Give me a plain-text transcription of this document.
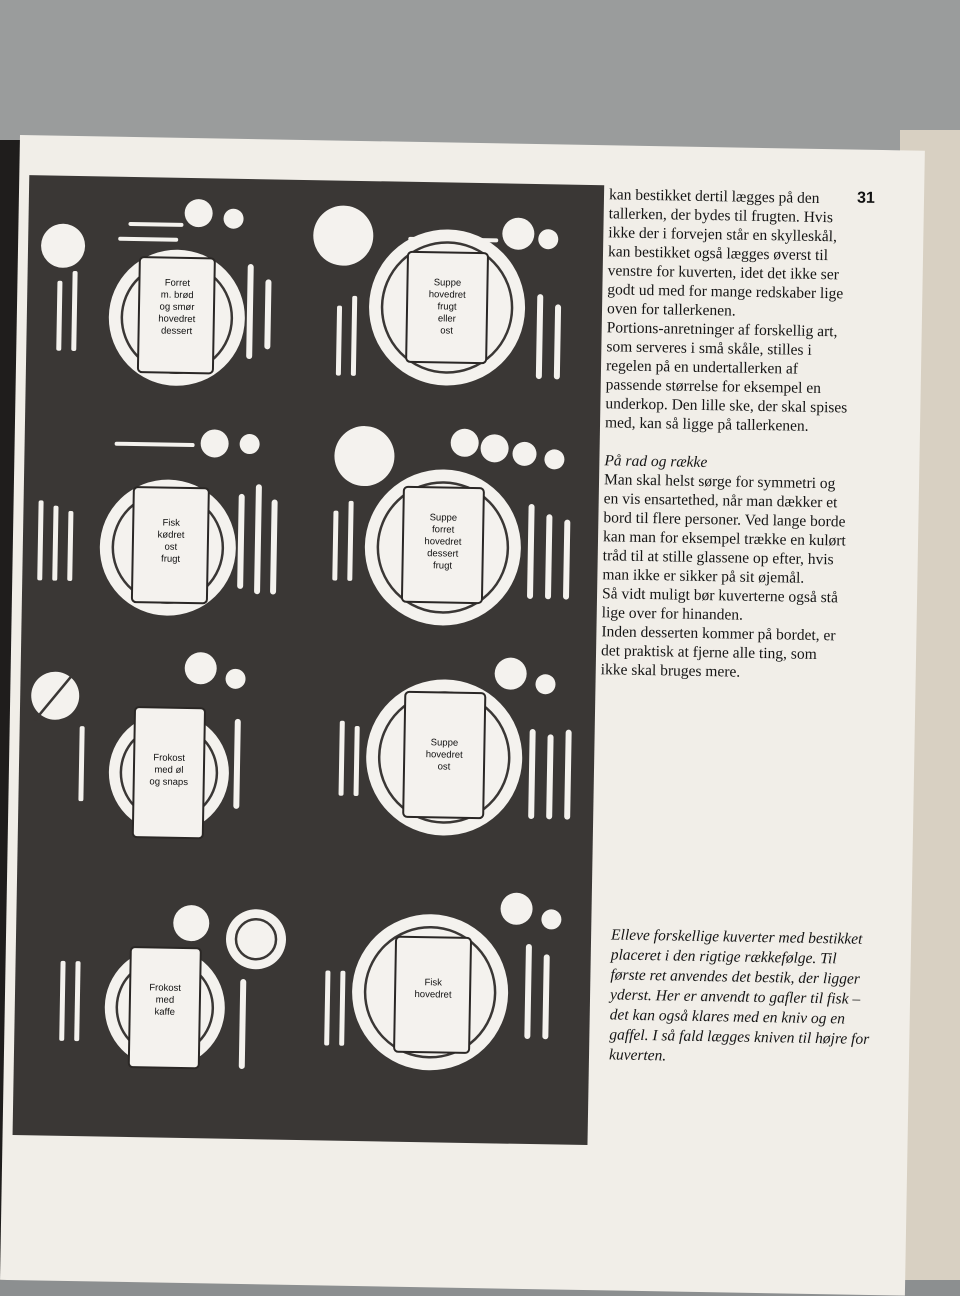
Forret
m. brød
og smør
hovedret
dessert
Suppe
hovedret
frugt
eller
ost
Fisk
kødret
ost
frugt
Suppe
forret
hovedret
dessert
frugt
Frokost
med øl
og snaps
Suppe
hovedret
ost
Frokost
med
kaffe
Fisk
hovedret
31

kan bestikket dertil lægges på den tallerken, der bydes til frugten. Hvis ikke der i forvejen står en skylleskål, kan bestikket også lægges øverst til venstre for kuverten, idet det ikke ser godt ud med for mange redskaber lige oven for tallerkenen.

Portions-anretninger af forskellig art, som serveres i små skåle, stilles i regelen på en undertallerken af passende størrelse for eksempel en underkop. Den lille ske, der skal spises med, kan så ligge på tallerkenen.

På rad og række

Man skal helst sørge for symmetri og en vis ensartethed, når man dækker et bord til flere personer. Ved lange borde kan man for eksempel trække en kulørt tråd til at stille glassene op efter, hvis man ikke er sikker på sit øjemål.

Så vidt muligt bør kuverterne også stå lige over for hinanden.

Inden desserten kommer på bordet, er det praktisk at fjerne alle ting, som ikke skal bruges mere.

Elleve forskellige kuverter med bestikket placeret i den rigtige rækkefølge. Til første ret anvendes det bestik, der ligger yderst. Her er anvendt to gafler til fisk – det kan også klares med en kniv og en gaffel. I så fald lægges kniven til højre for kuverten.
